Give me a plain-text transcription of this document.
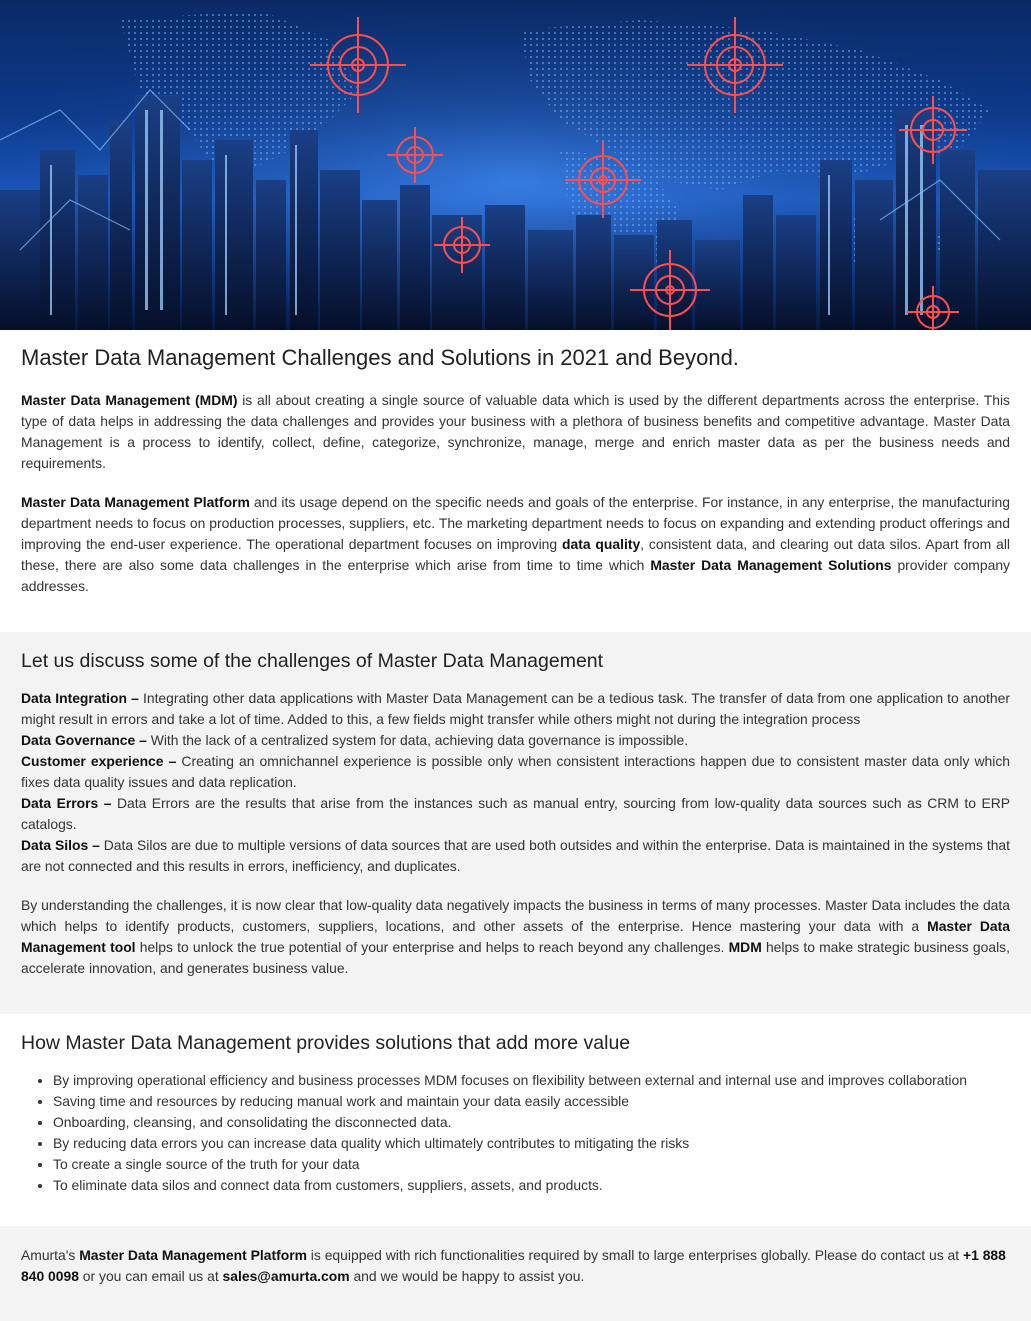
Master Data Management Challenges and Solutions in 2021 and Beyond.

Master Data Management (MDM) is all about creating a single source of valuable data which is used by the different departments across the enterprise. This type of data helps in addressing the data challenges and provides your business with a plethora of business benefits and competitive advantage. Master Data Management is a process to identify, collect, define, categorize, synchronize, manage, merge and enrich master data as per the business needs and requirements.

Master Data Management Platform and its usage depend on the specific needs and goals of the enterprise. For instance, in any enterprise, the manufacturing department needs to focus on production processes, suppliers, etc. The marketing department needs to focus on expanding and extending product offerings and improving the end-user experience. The operational department focuses on improving data quality, consistent data, and clearing out data silos. Apart from all these, there are also some data challenges in the enterprise which arise from time to time which Master Data Management Solutions provider company addresses.

Let us discuss some of the challenges of Master Data Management

Data Integration – Integrating other data applications with Master Data Management can be a tedious task. The transfer of data from one application to another might result in errors and take a lot of time. Added to this, a few fields might transfer while others might not during the integration process

Data Governance – With the lack of a centralized system for data, achieving data governance is impossible.

Customer experience – Creating an omnichannel experience is possible only when consistent interactions happen due to consistent master data only which fixes data quality issues and data replication.

Data Errors – Data Errors are the results that arise from the instances such as manual entry, sourcing from low-quality data sources such as CRM to ERP catalogs.

Data Silos – Data Silos are due to multiple versions of data sources that are used both outsides and within the enterprise. Data is maintained in the systems that are not connected and this results in errors, inefficiency, and duplicates.

By understanding the challenges, it is now clear that low-quality data negatively impacts the business in terms of many processes. Master Data includes the data which helps to identify products, customers, suppliers, locations, and other assets of the enterprise. Hence mastering your data with a Master Data Management tool helps to unlock the true potential of your enterprise and helps to reach beyond any challenges. MDM helps to make strategic business goals, accelerate innovation, and generates business value.

How Master Data Management provides solutions that add more value
• By improving operational efficiency and business processes MDM focuses on flexibility between external and internal use and improves collaboration
• Saving time and resources by reducing manual work and maintain your data easily accessible
• Onboarding, cleansing, and consolidating the disconnected data.
• By reducing data errors you can increase data quality which ultimately contributes to mitigating the risks
• To create a single source of the truth for your data
• To eliminate data silos and connect data from customers, suppliers, assets, and products.

Amurta's Master Data Management Platform is equipped with rich functionalities required by small to large enterprises globally. Please do contact us at +1 888 840 0098 or you can email us at sales@amurta.com and we would be happy to assist you.
